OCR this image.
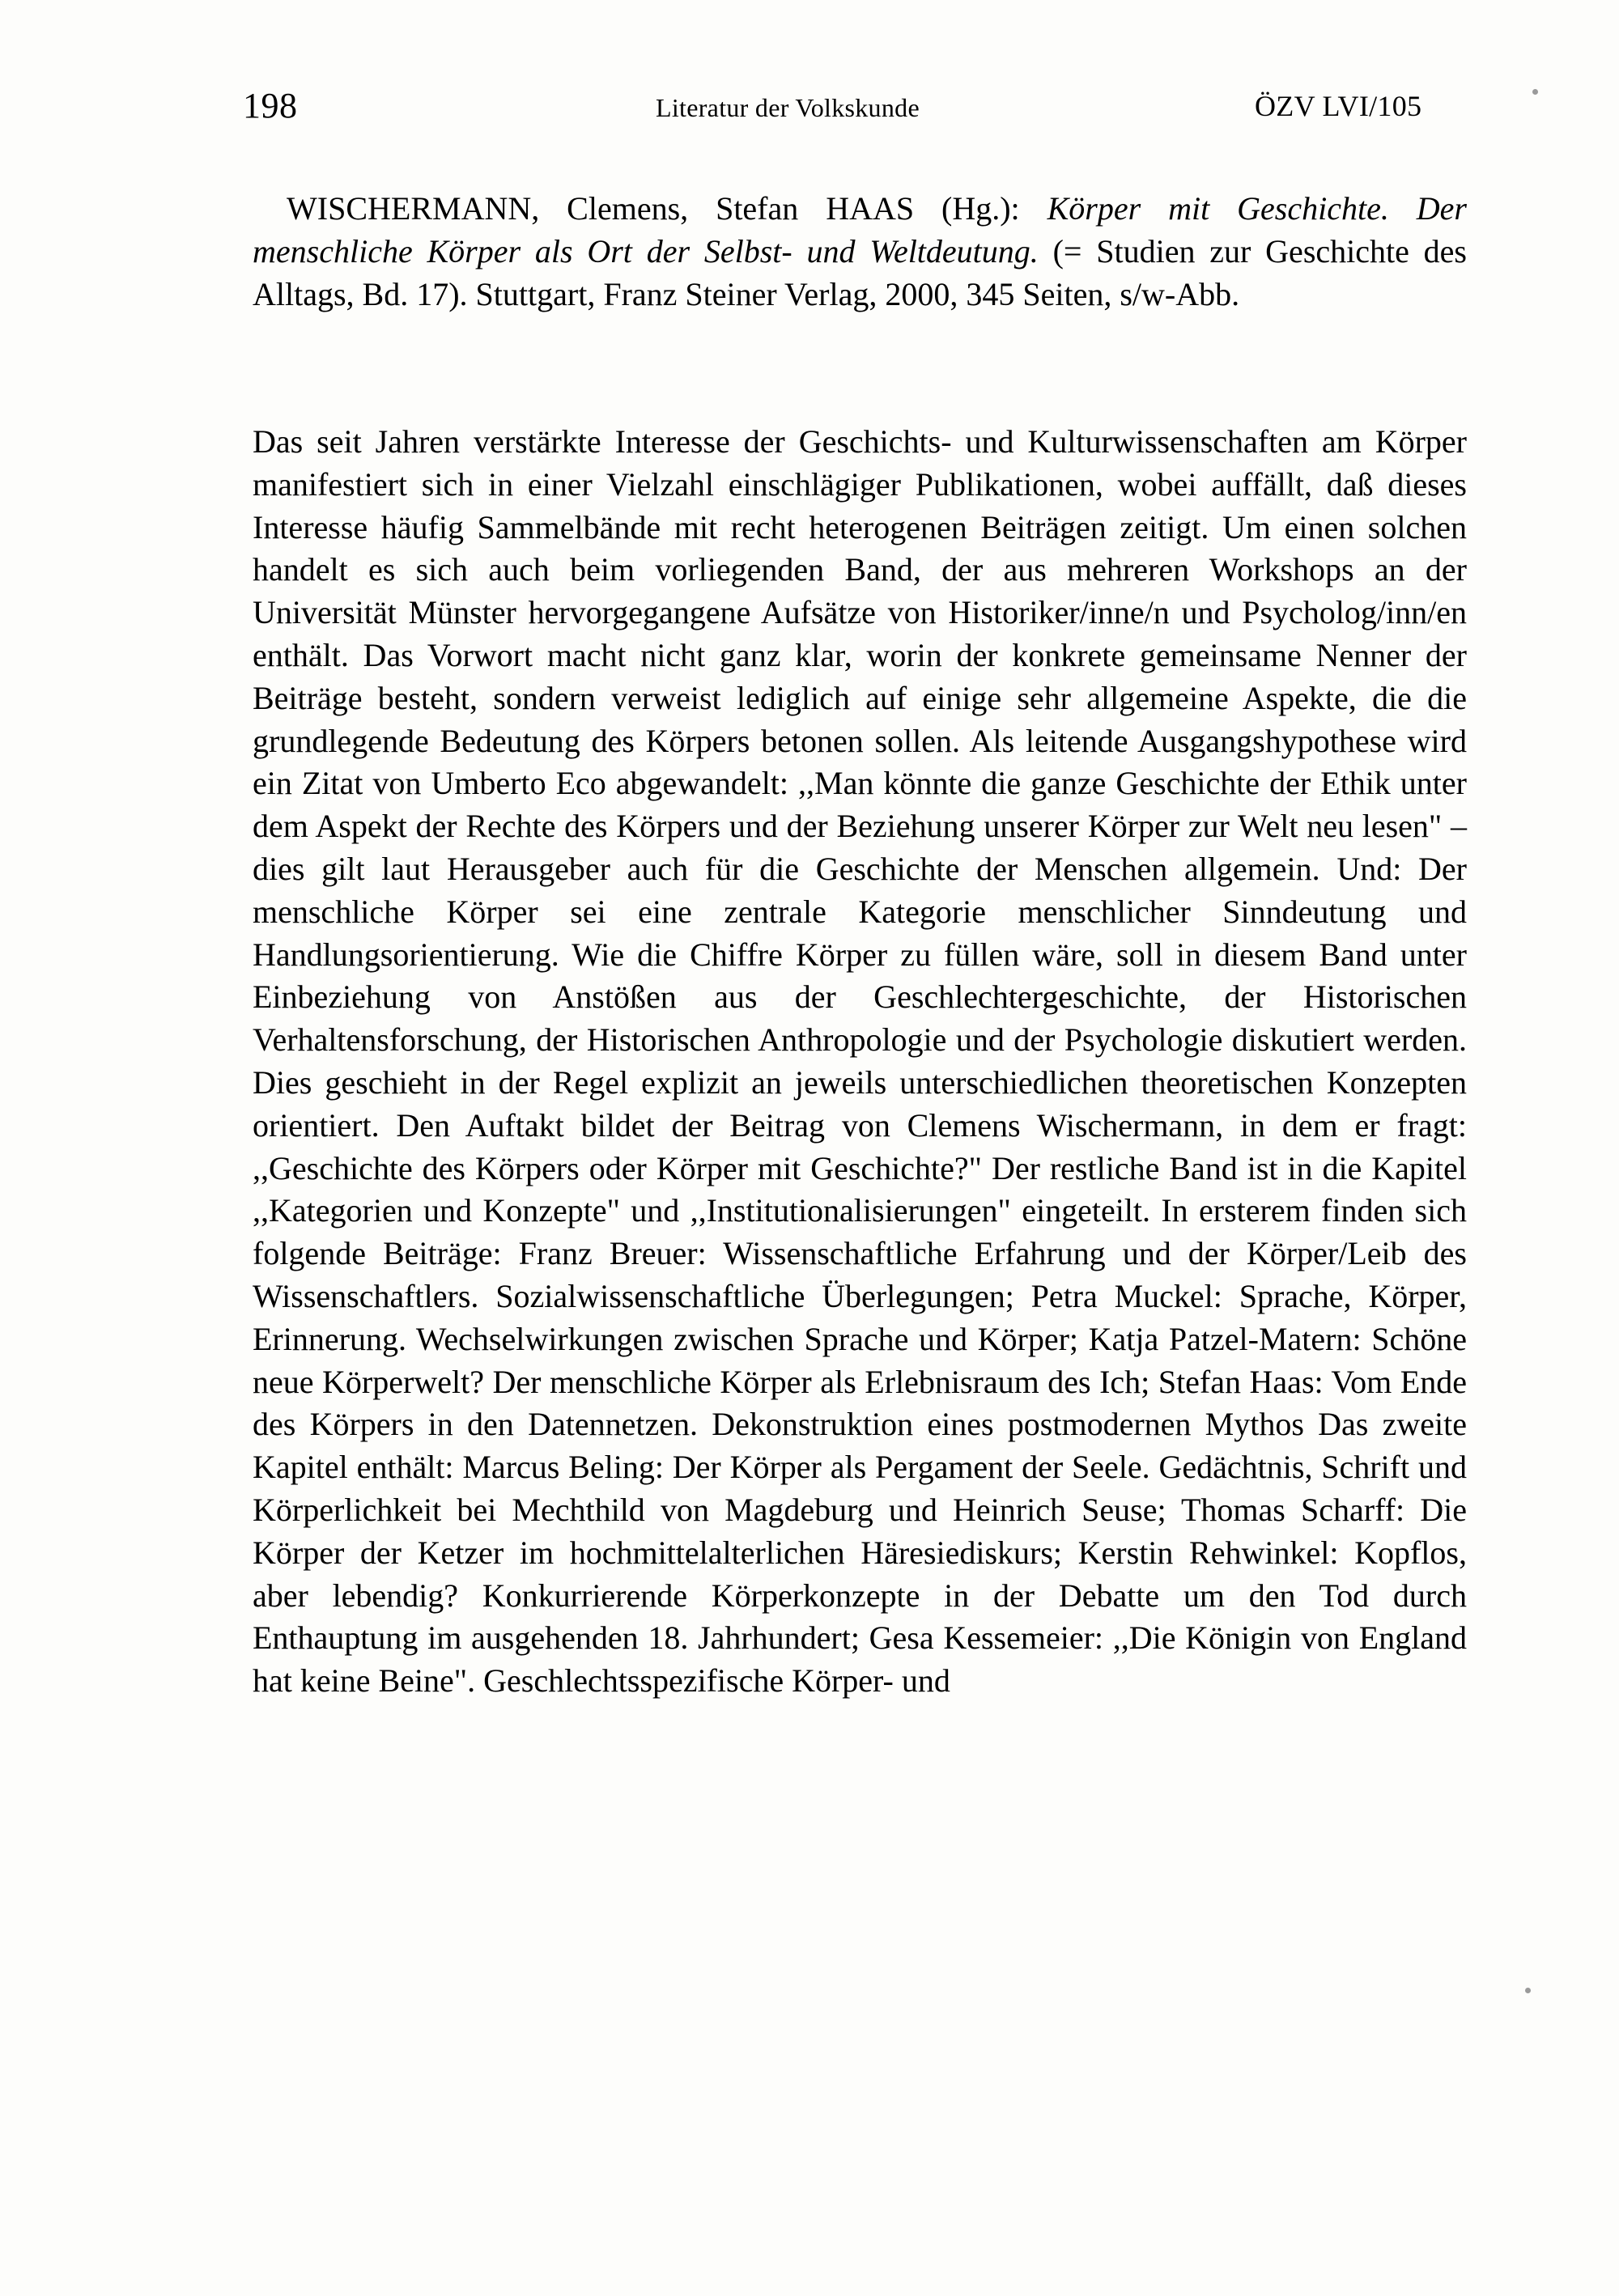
198	Literatur der Volkskunde	ÖZV LVI/105
WISCHERMANN, Clemens, Stefan HAAS (Hg.): Körper mit Geschichte. Der menschliche Körper als Ort der Selbst- und Weltdeutung. (= Studien zur Geschichte des Alltags, Bd. 17). Stuttgart, Franz Steiner Verlag, 2000, 345 Seiten, s/w-Abb.

Das seit Jahren verstärkte Interesse der Geschichts- und Kulturwissenschaften am Körper manifestiert sich in einer Vielzahl einschlägiger Publikationen, wobei auffällt, daß dieses Interesse häufig Sammelbände mit recht heterogenen Beiträgen zeitigt. Um einen solchen handelt es sich auch beim vorliegenden Band, der aus mehreren Workshops an der Universität Münster hervorgegangene Aufsätze von Historiker/inne/n und Psycholog/inn/en enthält. Das Vorwort macht nicht ganz klar, worin der konkrete gemeinsame Nenner der Beiträge besteht, sondern verweist lediglich auf einige sehr allgemeine Aspekte, die die grundlegende Bedeutung des Körpers betonen sollen. Als leitende Ausgangshypothese wird ein Zitat von Umberto Eco abgewandelt: ,,Man könnte die ganze Geschichte der Ethik unter dem Aspekt der Rechte des Körpers und der Beziehung unserer Körper zur Welt neu lesen" – dies gilt laut Herausgeber auch für die Geschichte der Menschen allgemein. Und: Der menschliche Körper sei eine zentrale Kategorie menschlicher Sinndeutung und Handlungsorientierung. Wie die Chiffre Körper zu füllen wäre, soll in diesem Band unter Einbeziehung von Anstößen aus der Geschlechtergeschichte, der Historischen Verhaltensforschung, der Historischen Anthropologie und der Psychologie diskutiert werden. Dies geschieht in der Regel explizit an jeweils unterschiedlichen theoretischen Konzepten orientiert. Den Auftakt bildet der Beitrag von Clemens Wischermann, in dem er fragt: ,,Geschichte des Körpers oder Körper mit Geschichte?" Der restliche Band ist in die Kapitel ,,Kategorien und Konzepte" und ,,Institutionalisierungen" eingeteilt. In ersterem finden sich folgende Beiträge: Franz Breuer: Wissenschaftliche Erfahrung und der Körper/Leib des Wissenschaftlers. Sozialwissenschaftliche Überlegungen; Petra Muckel: Sprache, Körper, Erinnerung. Wechselwirkungen zwischen Sprache und Körper; Katja Patzel-Matern: Schöne neue Körperwelt? Der menschliche Körper als Erlebnisraum des Ich; Stefan Haas: Vom Ende des Körpers in den Datennetzen. Dekonstruktion eines postmodernen Mythos Das zweite Kapitel enthält: Marcus Beling: Der Körper als Pergament der Seele. Gedächtnis, Schrift und Körperlichkeit bei Mechthild von Magdeburg und Heinrich Seuse; Thomas Scharff: Die Körper der Ketzer im hochmittelalterlichen Häresiediskurs; Kerstin Rehwinkel: Kopflos, aber lebendig? Konkurrierende Körperkonzepte in der Debatte um den Tod durch Enthauptung im ausgehenden 18. Jahrhundert; Gesa Kessemeier: ,,Die Königin von England hat keine Beine". Geschlechtsspezifische Körper- und
